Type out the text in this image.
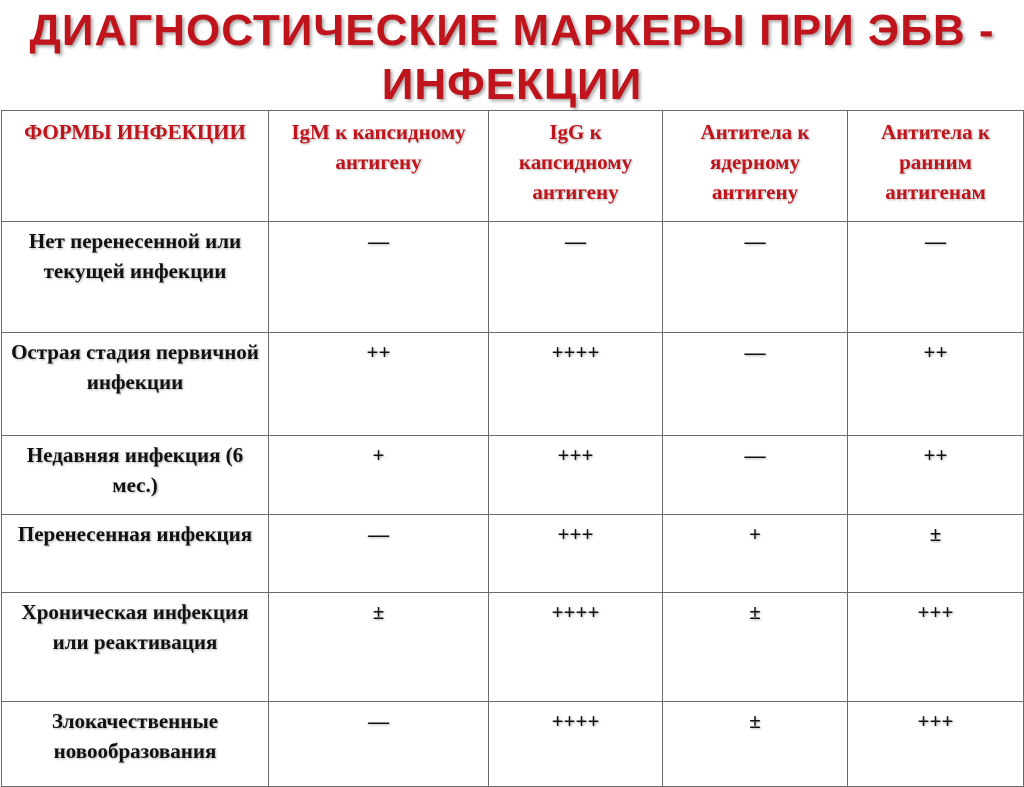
ДИАГНОСТИЧЕСКИЕ МАРКЕРЫ ПРИ ЭБВ -
ИНФЕКЦИИ
ФОРМЫ ИНФЕКЦИИ	IgM к капсидному антигену	IgG к капсидному антигену	Антитела к ядерному антигену	Антитела к ранним антигенам
Нет перенесенной или текущей инфекции	—	—	—	—
Острая стадия первичной инфекции	++	++++	—	++
Недавняя инфекция (6 мес.)	+	+++	—	++
Перенесенная инфекция	—	+++	+	±
Хроническая инфекция или реактивация	±	++++	±	+++
Злокачественные новообразования	—	++++	±	+++
